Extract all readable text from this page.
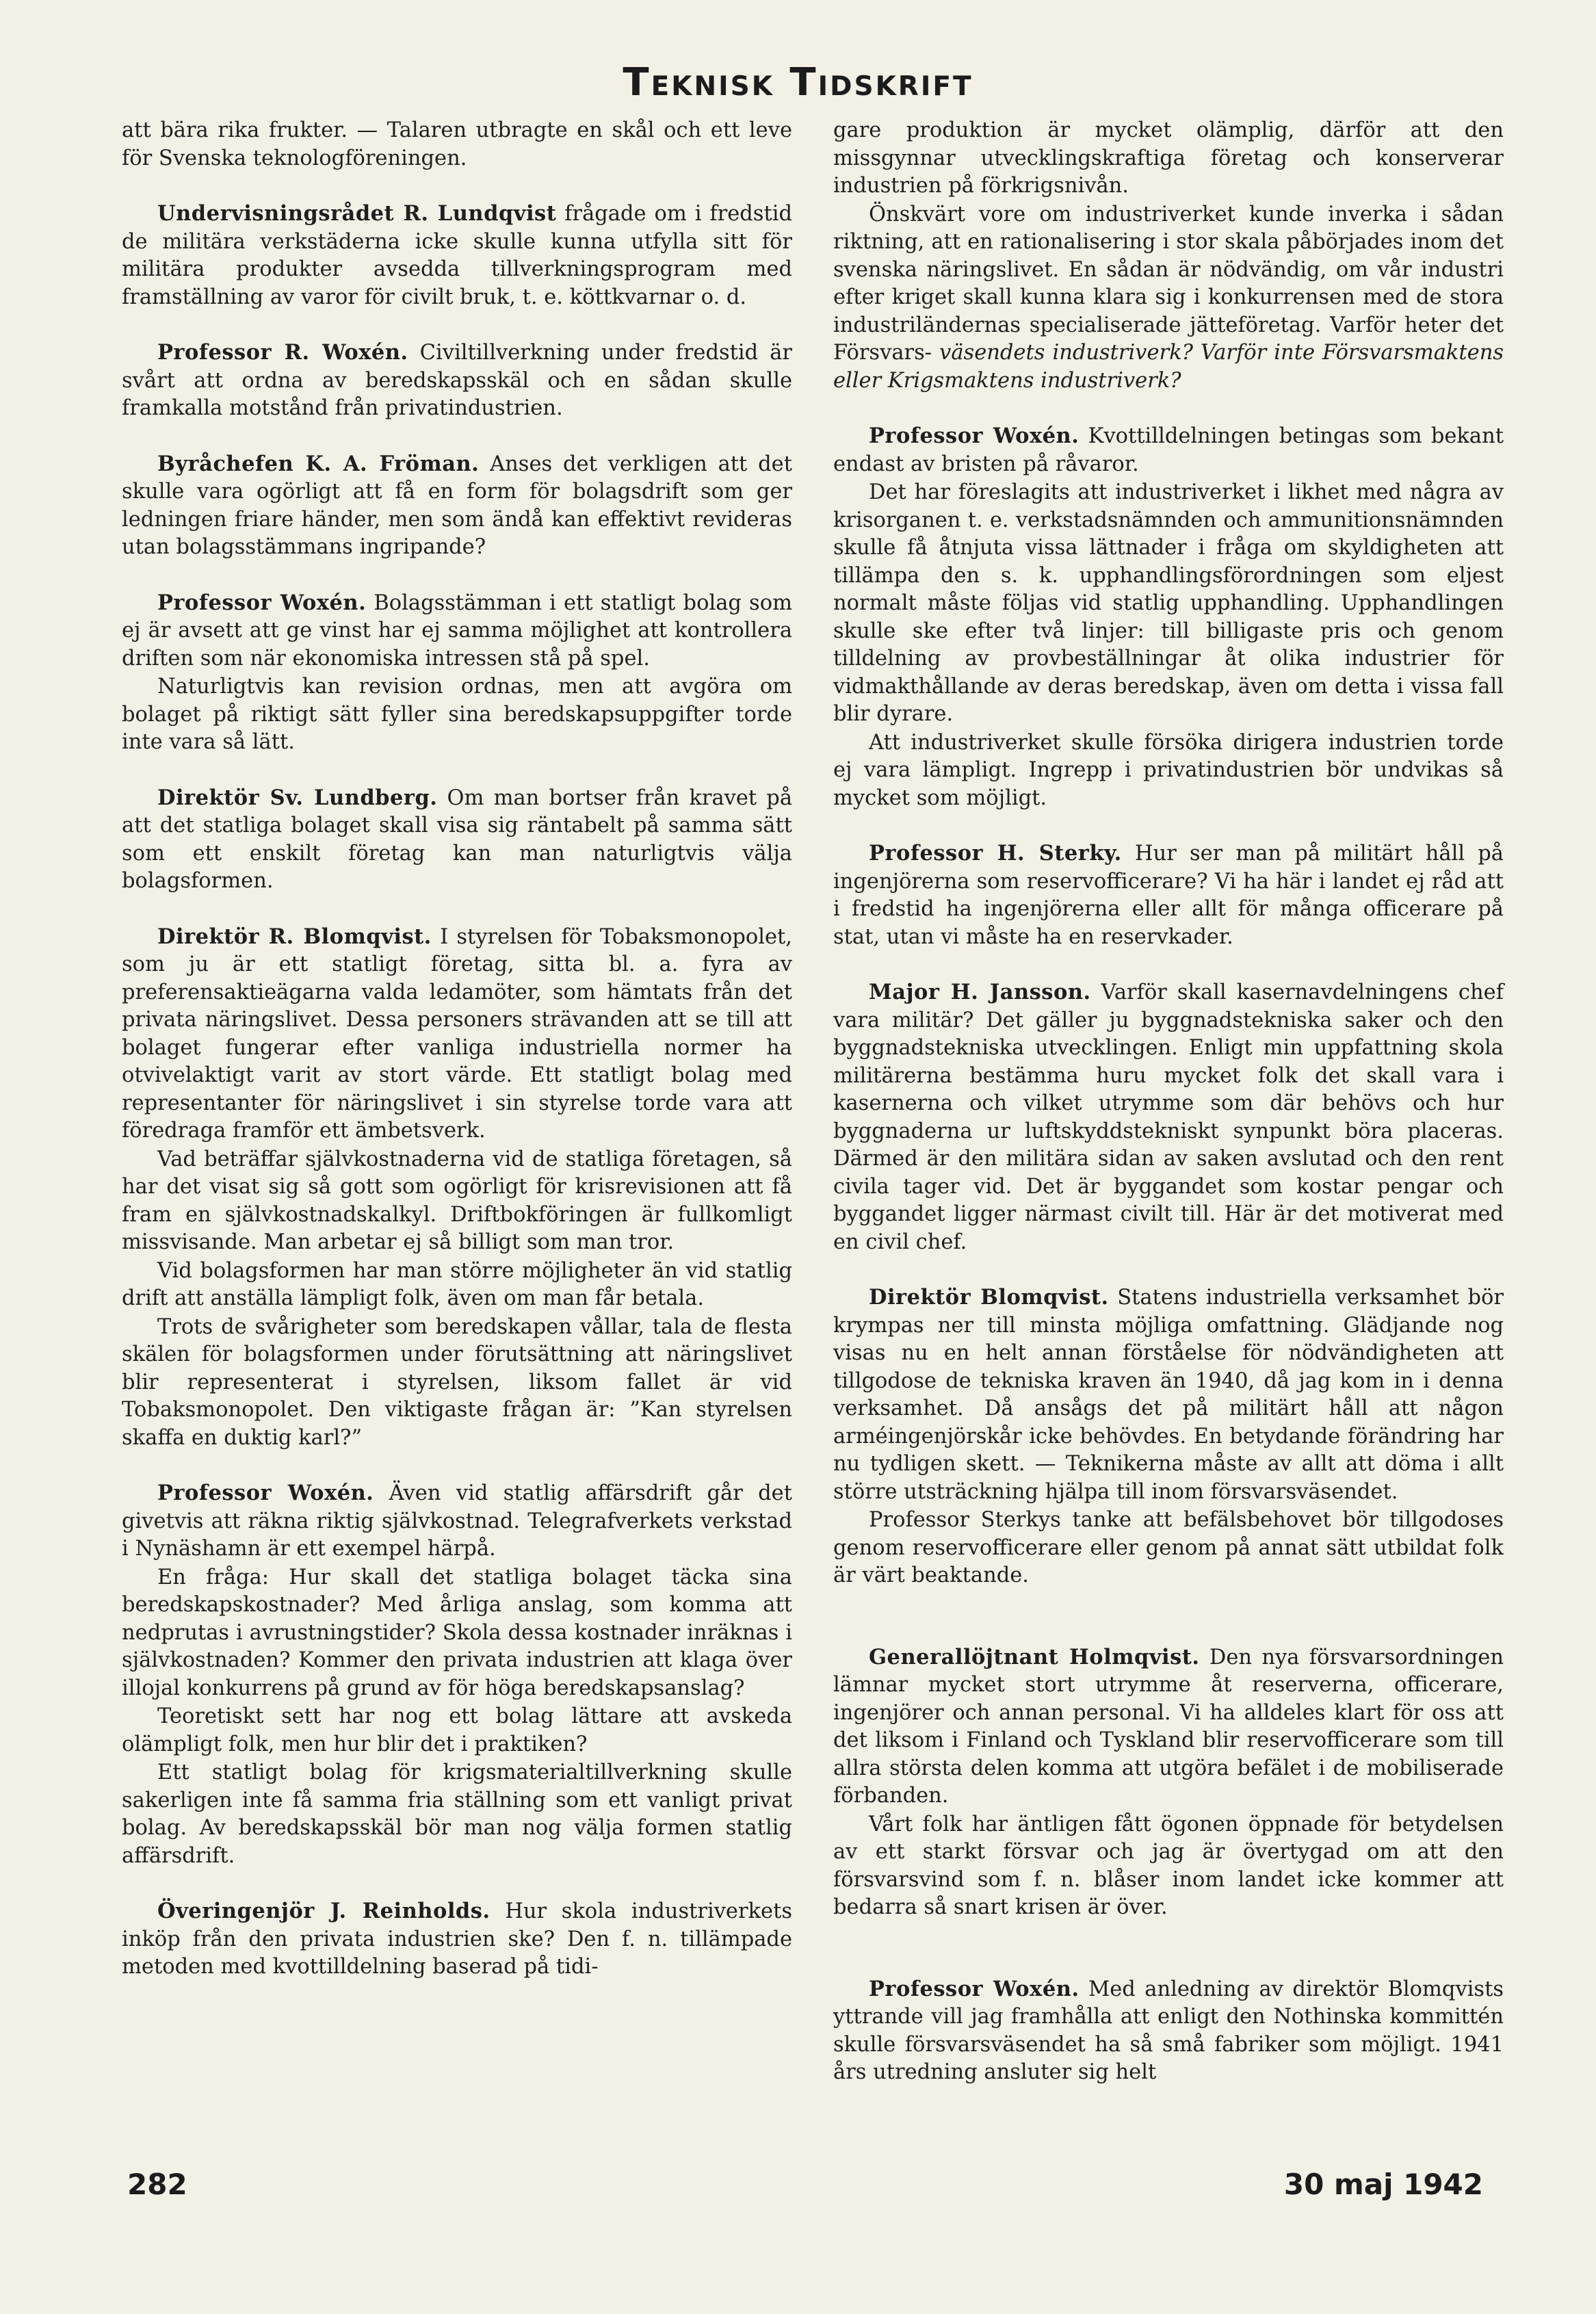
Teknisk Tidskrift

att bära rika frukter. — Talaren utbragte en skål och ett leve för Svenska teknologföreningen.

Undervisningsrådet R. Lundqvist frågade om i fredstid de militära verkstäderna icke skulle kunna utfylla sitt för militära produkter avsedda tillverkningsprogram med framställning av varor för civilt bruk, t. e. köttkvarnar o. d.

Professor R. Woxén. Civiltillverkning under fredstid är svårt att ordna av beredskapsskäl och en sådan skulle framkalla motstånd från privatindustrien.

Byråchefen K. A. Fröman. Anses det verkligen att det skulle vara ogörligt att få en form för bolagsdrift som ger ledningen friare händer, men som ändå kan effektivt revideras utan bolagsstämmans ingripande?

Professor Woxén. Bolagsstämman i ett statligt bolag som ej är avsett att ge vinst har ej samma möjlighet att kontrollera driften som när ekonomiska intressen stå på spel.

Naturligtvis kan revision ordnas, men att avgöra om bolaget på riktigt sätt fyller sina beredskapsuppgifter torde inte vara så lätt.

Direktör Sv. Lundberg. Om man bortser från kravet på att det statliga bolaget skall visa sig räntabelt på samma sätt som ett enskilt företag kan man naturligtvis välja bolagsformen.

Direktör R. Blomqvist. I styrelsen för Tobaksmonopolet, som ju är ett statligt företag, sitta bl. a. fyra av preferensaktieägarna valda ledamöter, som hämtats från det privata näringslivet. Dessa personers strävanden att se till att bolaget fungerar efter vanliga industriella normer ha otvivelaktigt varit av stort värde. Ett statligt bolag med representanter för näringslivet i sin styrelse torde vara att föredraga framför ett ämbetsverk.

Vad beträffar självkostnaderna vid de statliga företagen, så har det visat sig så gott som ogörligt för krisrevisionen att få fram en självkostnadskalkyl. Driftbokföringen är fullkomligt missvisande. Man arbetar ej så billigt som man tror.

Vid bolagsformen har man större möjligheter än vid statlig drift att anställa lämpligt folk, även om man får betala.

Trots de svårigheter som beredskapen vållar, tala de flesta skälen för bolagsformen under förutsättning att näringslivet blir representerat i styrelsen, liksom fallet är vid Tobaksmonopolet. Den viktigaste frågan är: ”Kan styrelsen skaffa en duktig karl?”

Professor Woxén. Även vid statlig affärsdrift går det givetvis att räkna riktig självkostnad. Telegrafverkets verkstad i Nynäshamn är ett exempel härpå.

En fråga: Hur skall det statliga bolaget täcka sina beredskapskostnader? Med årliga anslag, som komma att nedprutas i avrustningstider? Skola dessa kostnader inräknas i självkostnaden? Kommer den privata industrien att klaga över illojal konkurrens på grund av för höga beredskapsanslag?

Teoretiskt sett har nog ett bolag lättare att avskeda olämpligt folk, men hur blir det i praktiken?

Ett statligt bolag för krigsmaterialtillverkning skulle sakerligen inte få samma fria ställning som ett vanligt privat bolag. Av beredskapsskäl bör man nog välja formen statlig affärsdrift.

Överingenjör J. Reinholds. Hur skola industriverkets inköp från den privata industrien ske? Den f. n. tillämpade metoden med kvottilldelning baserad på tidi-

gare produktion är mycket olämplig, därför att den missgynnar utvecklingskraftiga företag och konserverar industrien på förkrigsnivån.

Önskvärt vore om industriverket kunde inverka i sådan riktning, att en rationalisering i stor skala påbörjades inom det svenska näringslivet. En sådan är nödvändig, om vår industri efter kriget skall kunna klara sig i konkurrensen med de stora industriländernas specialiserade jätteföretag. Varför heter det Försvars- väsendets industriverk? Varför inte Försvarsmaktens eller Krigsmaktens industriverk?

Professor Woxén. Kvottilldelningen betingas som bekant endast av bristen på råvaror.

Det har föreslagits att industriverket i likhet med några av krisorganen t. e. verkstadsnämnden och ammunitionsnämnden skulle få åtnjuta vissa lättnader i fråga om skyldigheten att tillämpa den s. k. upphandlingsförordningen som eljest normalt måste följas vid statlig upphandling. Upphandlingen skulle ske efter två linjer: till billigaste pris och genom tilldelning av provbeställningar åt olika industrier för vidmakthållande av deras beredskap, även om detta i vissa fall blir dyrare.

Att industriverket skulle försöka dirigera industrien torde ej vara lämpligt. Ingrepp i privatindustrien bör undvikas så mycket som möjligt.

Professor H. Sterky. Hur ser man på militärt håll på ingenjörerna som reservofficerare? Vi ha här i landet ej råd att i fredstid ha ingenjörerna eller allt för många officerare på stat, utan vi måste ha en reservkader.

Major H. Jansson. Varför skall kasernavdelningens chef vara militär? Det gäller ju byggnadstekniska saker och den byggnadstekniska utvecklingen. Enligt min uppfattning skola militärerna bestämma huru mycket folk det skall vara i kasernerna och vilket utrymme som där behövs och hur byggnaderna ur luftskyddstekniskt synpunkt böra placeras. Därmed är den militära sidan av saken avslutad och den rent civila tager vid. Det är byggandet som kostar pengar och byggandet ligger närmast civilt till. Här är det motiverat med en civil chef.

Direktör Blomqvist. Statens industriella verksamhet bör krympas ner till minsta möjliga omfattning. Glädjande nog visas nu en helt annan förståelse för nödvändigheten att tillgodose de tekniska kraven än 1940, då jag kom in i denna verksamhet. Då ansågs det på militärt håll att någon arméingenjörskår icke behövdes. En betydande förändring har nu tydligen skett. — Teknikerna måste av allt att döma i allt större utsträckning hjälpa till inom försvarsväsendet.

Professor Sterkys tanke att befälsbehovet bör tillgodoses genom reservofficerare eller genom på annat sätt utbildat folk är värt beaktande.

Generallöjtnant Holmqvist. Den nya försvarsordningen lämnar mycket stort utrymme åt reserverna, officerare, ingenjörer och annan personal. Vi ha alldeles klart för oss att det liksom i Finland och Tyskland blir reservofficerare som till allra största delen komma att utgöra befälet i de mobiliserade förbanden.

Vårt folk har äntligen fått ögonen öppnade för betydelsen av ett starkt försvar och jag är övertygad om att den försvarsvind som f. n. blåser inom landet icke kommer att bedarra så snart krisen är över.

Professor Woxén. Med anledning av direktör Blomqvists yttrande vill jag framhålla att enligt den Nothinska kommittén skulle försvarsväsendet ha så små fabriker som möjligt. 1941 års utredning ansluter sig helt

282	30 maj 1942
